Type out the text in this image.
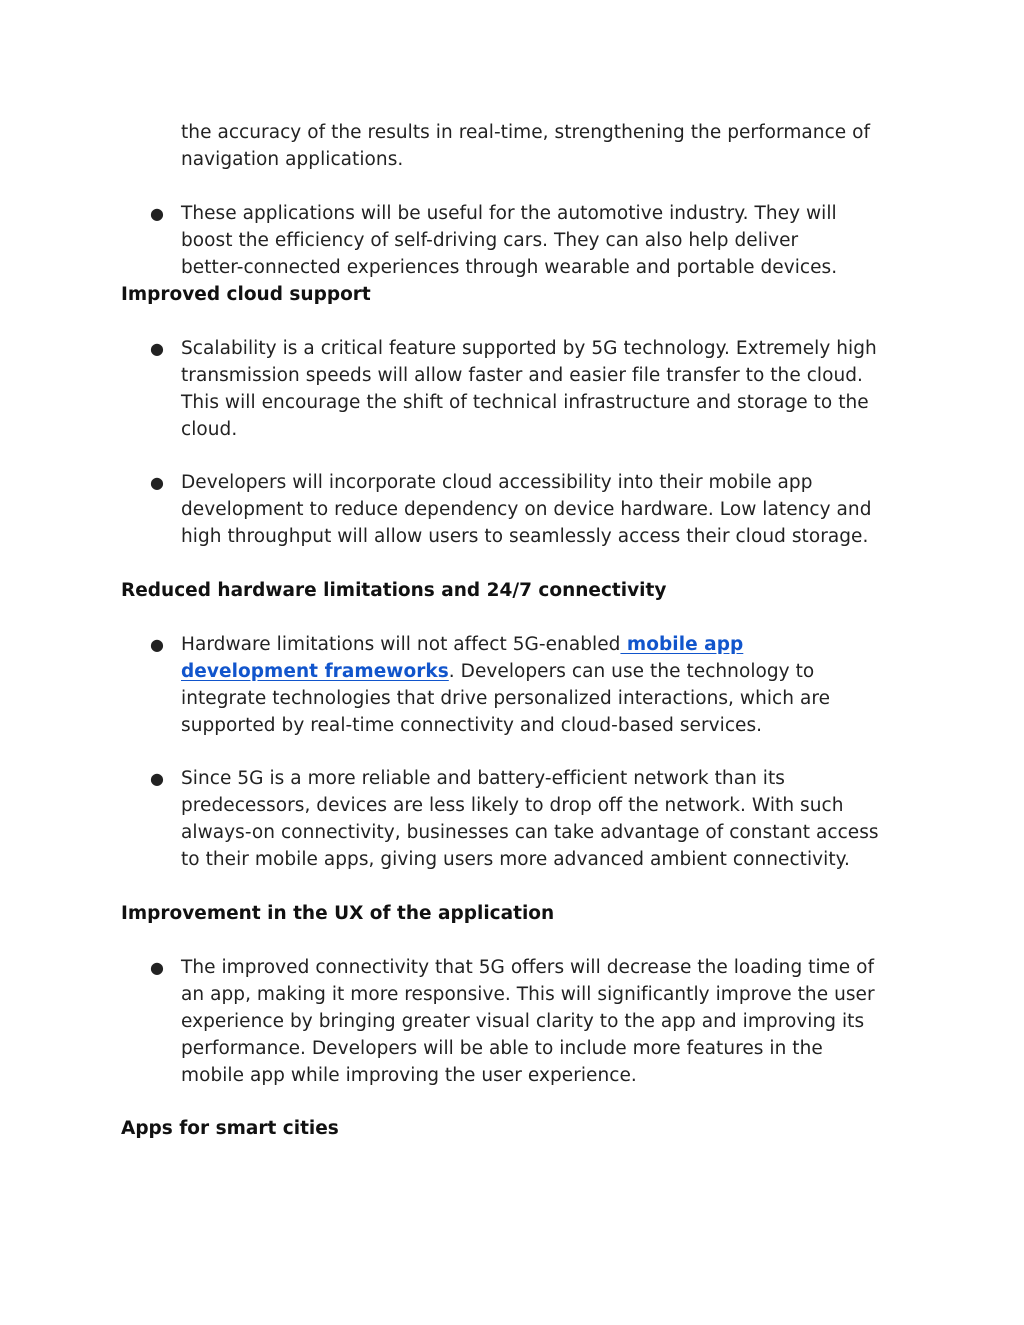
the accuracy of the results in real-time, strengthening the performance of
navigation applications.
● These applications will be useful for the automotive industry. They will
boost the efficiency of self-driving cars. They can also help deliver
better-connected experiences through wearable and portable devices.
Improved cloud support
● Scalability is a critical feature supported by 5G technology. Extremely high
transmission speeds will allow faster and easier file transfer to the cloud.
This will encourage the shift of technical infrastructure and storage to the
cloud.
● Developers will incorporate cloud accessibility into their mobile app
development to reduce dependency on device hardware. Low latency and
high throughput will allow users to seamlessly access their cloud storage.
Reduced hardware limitations and 24/7 connectivity
● Hardware limitations will not affect 5G-enabled mobile app
development frameworks. Developers can use the technology to
integrate technologies that drive personalized interactions, which are
supported by real-time connectivity and cloud-based services.
● Since 5G is a more reliable and battery-efficient network than its
predecessors, devices are less likely to drop off the network. With such
always-on connectivity, businesses can take advantage of constant access
to their mobile apps, giving users more advanced ambient connectivity.
Improvement in the UX of the application
● The improved connectivity that 5G offers will decrease the loading time of
an app, making it more responsive. This will significantly improve the user
experience by bringing greater visual clarity to the app and improving its
performance. Developers will be able to include more features in the
mobile app while improving the user experience.
Apps for smart cities
